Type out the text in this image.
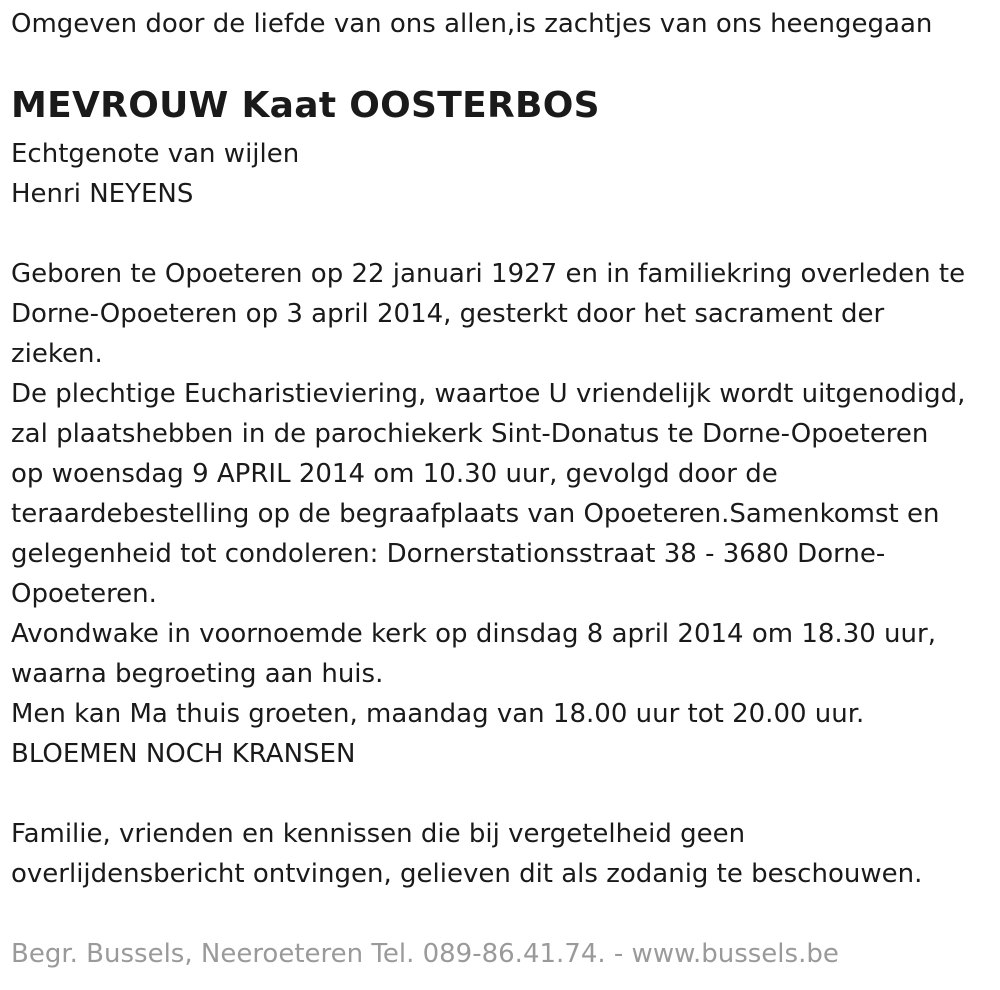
Omgeven door de liefde van ons allen,is zachtjes van ons heengegaan
MEVROUW Kaat OOSTERBOS
Echtgenote van wijlen
Henri NEYENS
Geboren te Opoeteren op 22 januari 1927 en in familiekring overleden te
Dorne-Opoeteren op 3 april 2014, gesterkt door het sacrament der
zieken.
De plechtige Eucharistieviering, waartoe U vriendelijk wordt uitgenodigd,
zal plaatshebben in de parochiekerk Sint-Donatus te Dorne-Opoeteren
op woensdag 9 APRIL 2014 om 10.30 uur, gevolgd door de
teraardebestelling op de begraafplaats van Opoeteren.Samenkomst en
gelegenheid tot condoleren: Dornerstationsstraat 38 - 3680 Dorne-
Opoeteren.
Avondwake in voornoemde kerk op dinsdag 8 april 2014 om 18.30 uur,
waarna begroeting aan huis.
Men kan Ma thuis groeten, maandag van 18.00 uur tot 20.00 uur.
BLOEMEN NOCH KRANSEN
Familie, vrienden en kennissen die bij vergetelheid geen
overlijdensbericht ontvingen, gelieven dit als zodanig te beschouwen.
Begr. Bussels, Neeroeteren Tel. 089-86.41.74. - www.bussels.be
